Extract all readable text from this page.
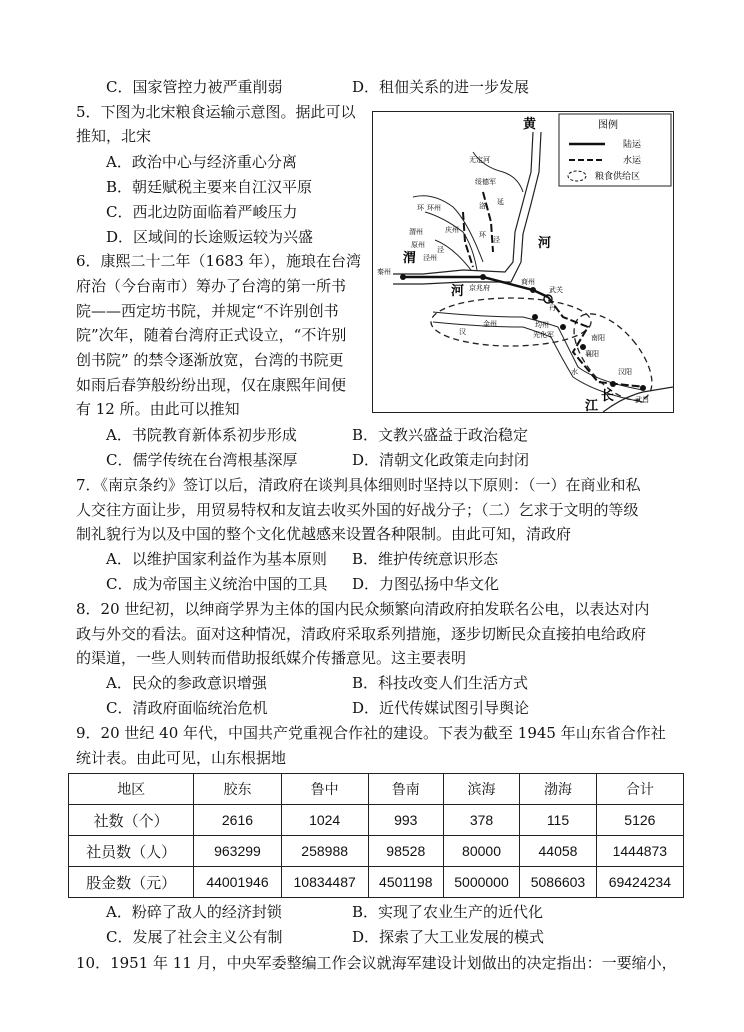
C．国家管控力被严重削弱	D．租佃关系的进一步发展
5．下图为北宋粮食运输示意图。据此可以
推知，北宋
A．政治中心与经济重心分离
B．朝廷赋税主要来自江汉平原
C．西北边防面临着严峻压力
D．区域间的长途贩运较为兴盛
图例
陆运
水运
粮食供给区
黄
河
渭
河
长
江
无定河
绥德军
环 环州	洛
庆州
渭州
泾
原州
泾
环
泾州
秦州
京兆府
商州
武关
丹
金州	均州
光化军	南阳
襄阳
汉
汉阳
武昌
水
延
6．康熙二十二年（1683 年），施琅在台湾
府治（今台南市）筹办了台湾的第一所书
院——西定坊书院，并规定“不许别创书
院”次年，随着台湾府正式设立，“不许别
创书院” 的禁令逐渐放宽，台湾的书院更
如雨后春笋般纷纷出现，仅在康熙年间便
有 12 所。由此可以推知
A．书院教育新体系初步形成	B．文教兴盛益于政治稳定
C．儒学传统在台湾根基深厚	D．清朝文化政策走向封闭
7．《南京条约》签订以后，清政府在谈判具体细则时坚持以下原则：（一）在商业和私
人交往方面让步，用贸易特权和友谊去收买外国的好战分子；（二）乞求于文明的等级
制礼貌行为以及中国的整个文化优越感来设置各种限制。由此可知，清政府
A．以维护国家利益作为基本原则 B．维护传统意识形态
C．成为帝国主义统治中国的工具 D．力图弘扬中华文化
8．20 世纪初，以绅商学界为主体的国内民众频繁向清政府拍发联名公电，以表达对内
政与外交的看法。面对这种情况，清政府采取系列措施，逐步切断民众直接拍电给政府
的渠道，一些人则转而借助报纸媒介传播意见。这主要表明
A．民众的参政意识增强	B．科技改变人们生活方式
C．清政府面临统治危机	D．近代传媒试图引导舆论
9．20 世纪 40 年代，中国共产党重视合作社的建设。下表为截至 1945 年山东省合作社
统计表。由此可见，山东根据地
地区	胶东	鲁中	鲁南	滨海	渤海	合计
社数（个）	2616	1024	993	378	115	5126
社员数（人）	963299	258988	98528	80000	44058	1444873
股金数（元）	44001946	10834487	4501198	5000000	5086603	69424234
A．粉碎了敌人的经济封锁	B．实现了农业生产的近代化
C．发展了社会主义公有制	D．探索了大工业发展的模式
10．1951 年 11 月，中央军委整编工作会议就海军建设计划做出的决定指出：一要缩小，
